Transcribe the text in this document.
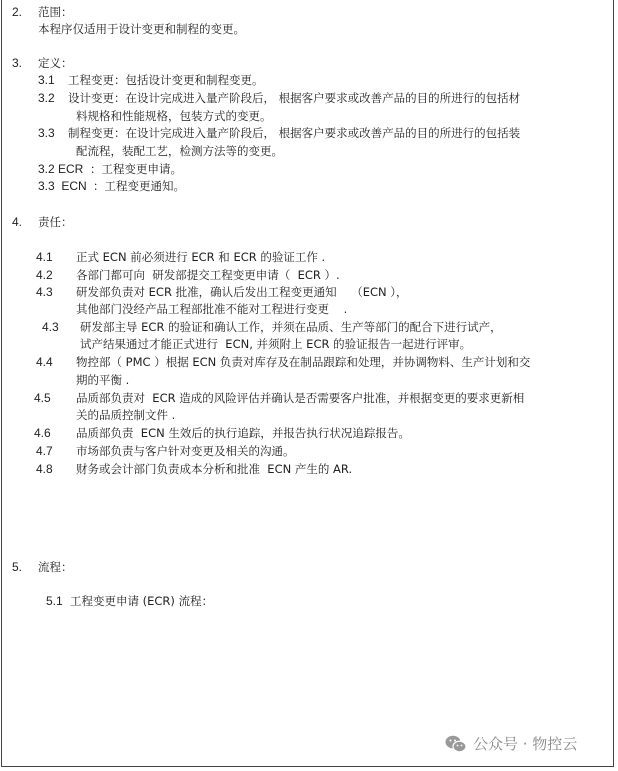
2. 范围：
本程序仅适用于设计变更和制程的变更。
3. 定义：
3.1 工程变更：包括设计变更和制程变更。
3.2 设计变更：在设计完成进入量产阶段后， 根据客户要求或改善产品的目的所进行的包括材
料规格和性能规格，包装方式的变更。
3.3 制程变更：在设计完成进入量产阶段后， 根据客户要求或改善产品的目的所进行的包括装
配流程，装配工艺，检测方法等的变更。
3.2 ECR ：工程变更申请。
3.3  ECN ：工程变更通知。
4. 责任：
4.1 正式 ECN 前必须进行 ECR 和 ECR 的验证工作 .
4.2 各部门都可向  研发部提交工程变更申请（  ECR ）.
4.3 研发部负责对 ECR 批准，确认后发出工程变更通知    （ECN ），
其他部门没经产品工程部批准不能对工程进行变更    .
4.3 研发部主导 ECR 的验证和确认工作，并须在品质、生产等部门的配合下进行试产，
试产结果通过才能正式进行  ECN, 并须附上 ECR 的验证报告一起进行评审。
4.4 物控部（ PMC ）根据 ECN 负责对库存及在制品跟踪和处理，并协调物料、生产计划和交
期的平衡 .
4.5 品质部负责对  ECR 造成的风险评估并确认是否需要客户批准，并根据变更的要求更新相
关的品质控制文件 .
4.6 品质部负责  ECN 生效后的执行追踪，并报告执行状况追踪报告。
4.7 市场部负责与客户针对变更及相关的沟通。
4.8 财务或会计部门负责成本分析和批准  ECN 产生的 AR.
5. 流程：
5.1 工程变更申请 (ECR) 流程：
公众号 · 物控云
